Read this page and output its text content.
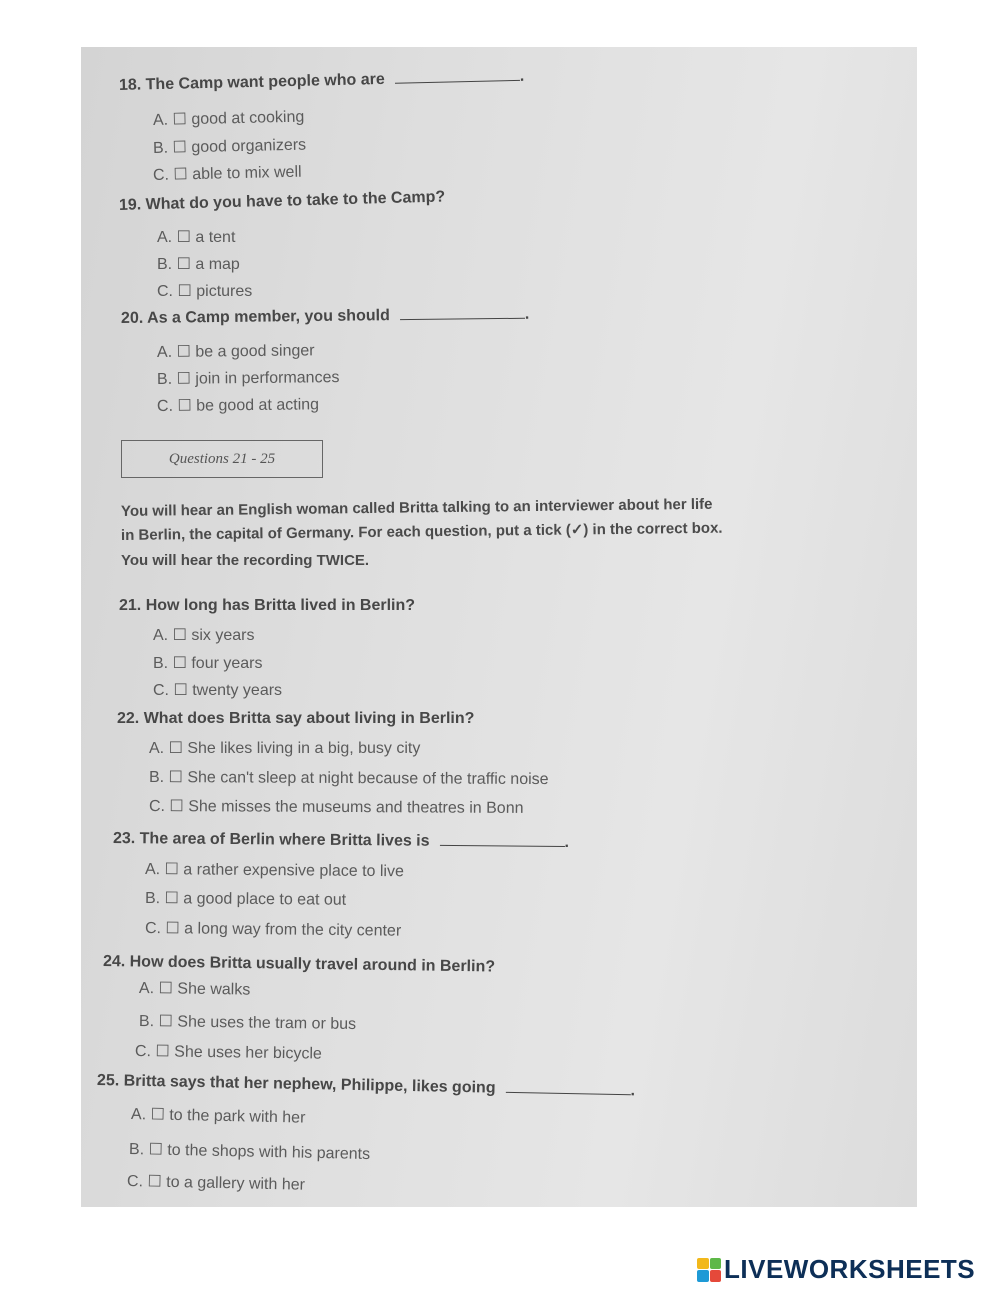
18. The Camp want people who are	.
A. ☐ good at cooking
B. ☐ good organizers
C. ☐ able to mix well
19. What do you have to take to the Camp?
A. ☐ a tent
B. ☐ a map
C. ☐ pictures
20. As a Camp member, you should	.
A. ☐ be a good singer
B. ☐ join in performances
C. ☐ be good at acting
Questions 21 - 25
You will hear an English woman called Britta talking to an interviewer about her life
in Berlin, the capital of Germany. For each question, put a tick (✓) in the correct box.
You will hear the recording TWICE.
21. How long has Britta lived in Berlin?
A. ☐ six years
B. ☐ four years
C. ☐ twenty years
22. What does Britta say about living in Berlin?
A. ☐ She likes living in a big, busy city
B. ☐ She can't sleep at night because of the traffic noise
C. ☐ She misses the museums and theatres in Bonn
23. The area of Berlin where Britta lives is	.
A. ☐ a rather expensive place to live
B. ☐ a good place to eat out
C. ☐ a long way from the city center
24. How does Britta usually travel around in Berlin?
A. ☐ She walks
B. ☐ She uses the tram or bus
C. ☐ She uses her bicycle
25. Britta says that her nephew, Philippe, likes going	.
A. ☐ to the park with her
B. ☐ to the shops with his parents
C. ☐ to a gallery with her
LIVEWORKSHEETS
